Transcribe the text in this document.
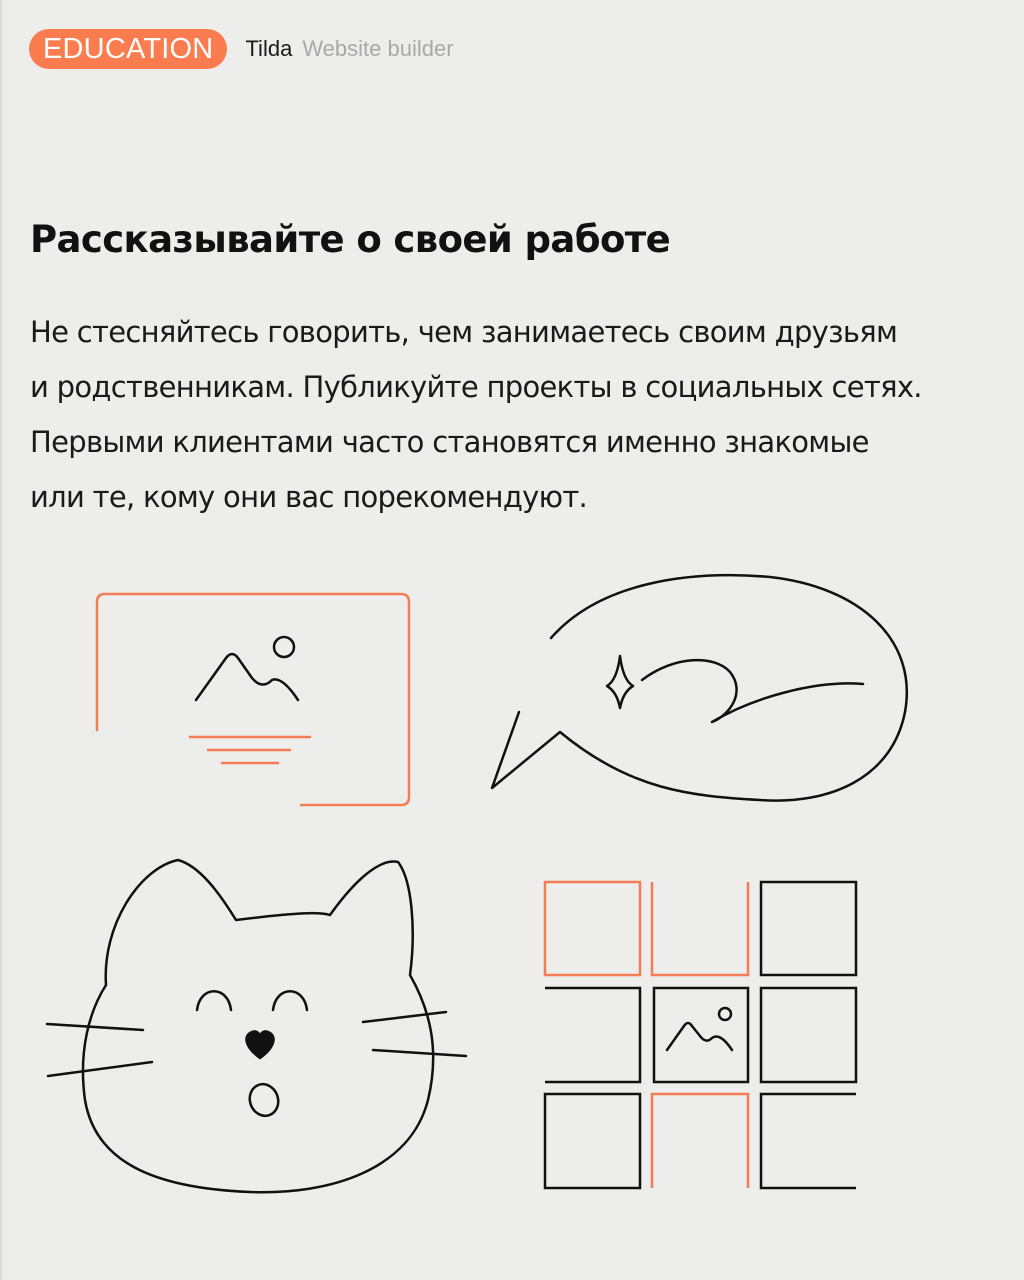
EDUCATION	Tilda Website builder
Рассказывайте о своей работе

Не стесняйтесь говорить, чем занимаетесь своим друзьям
и родственникам. Публикуйте проекты в социальных сетях.
Первыми клиентами часто становятся именно знакомые
или те, кому они вас порекомендуют.
